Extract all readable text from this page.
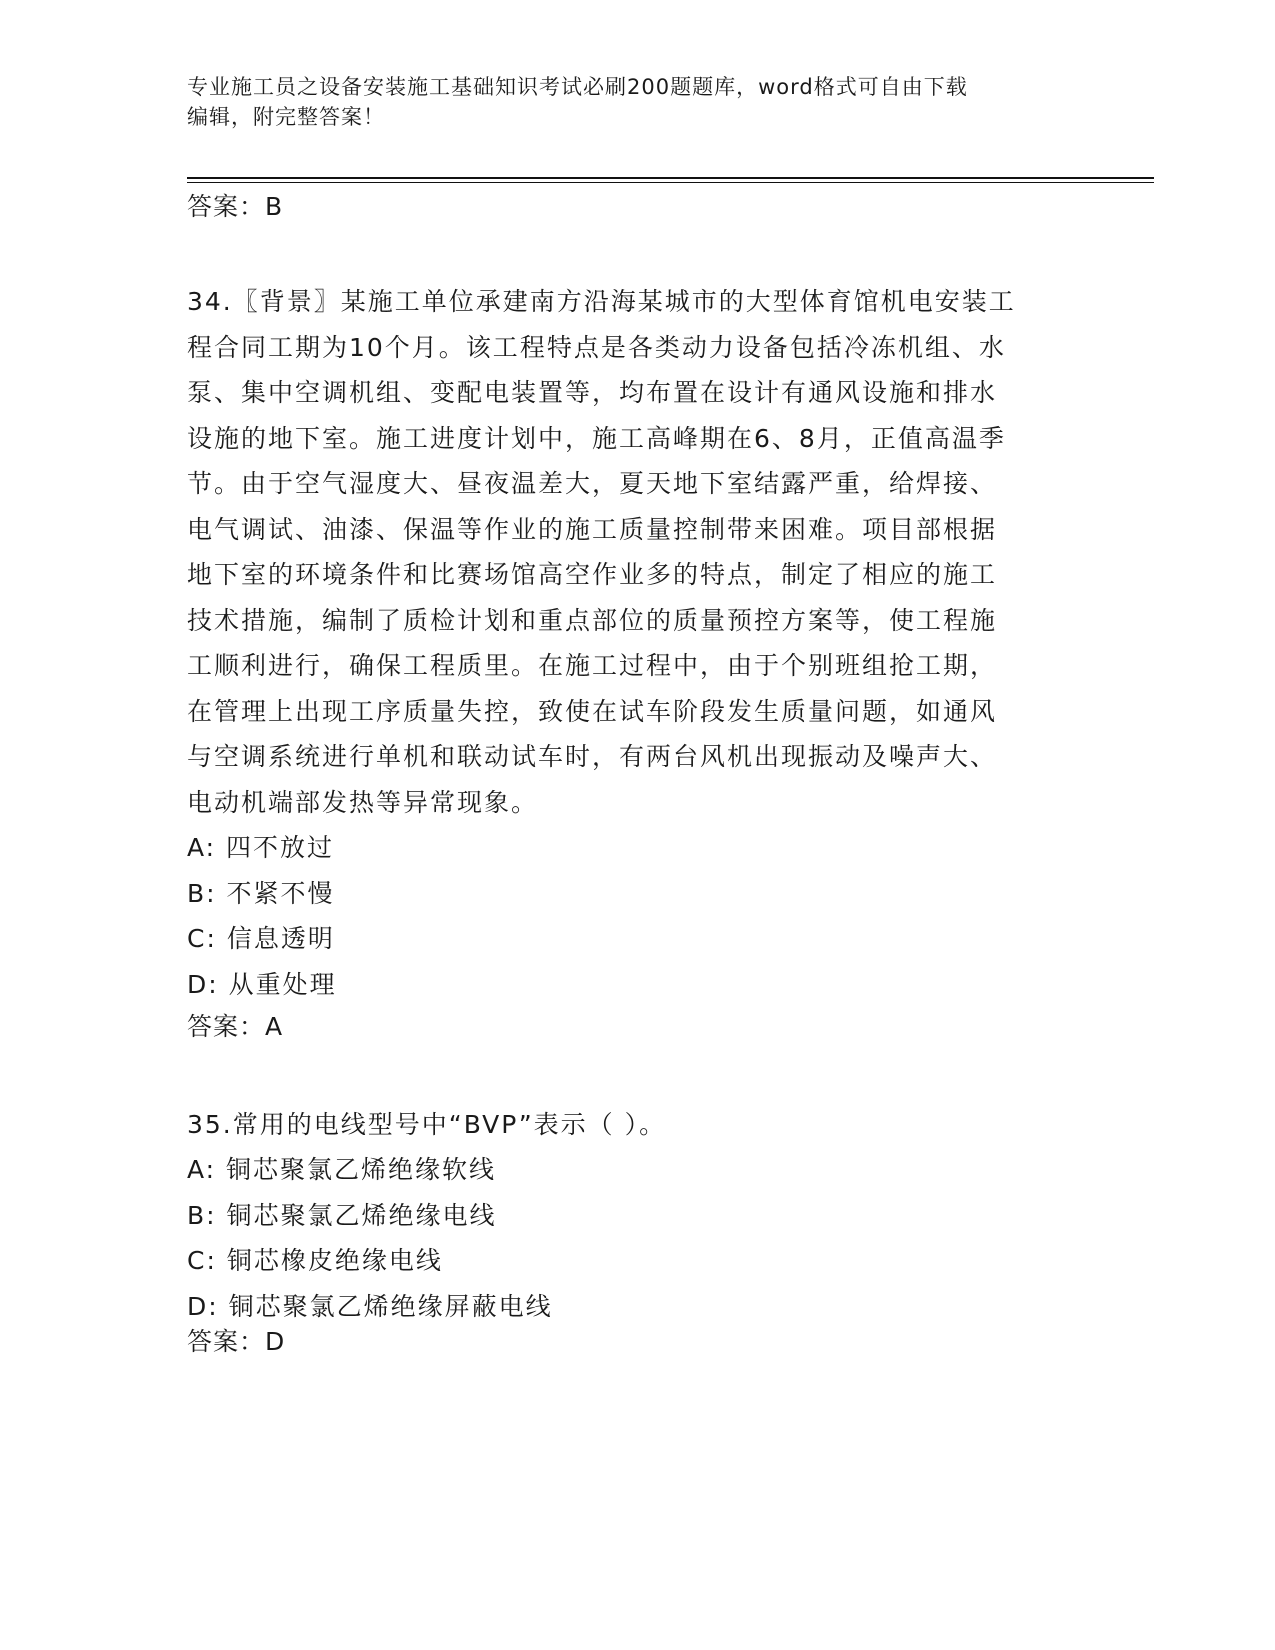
专业施工员之设备安装施工基础知识考试必刷200题题库，word格式可自由下载
编辑，附完整答案！
答案：B
34.〖背景〗某施工单位承建南方沿海某城市的大型体育馆机电安装工
程合同工期为10个月。该工程特点是各类动力设备包括冷冻机组、水
泵、集中空调机组、变配电装置等，均布置在设计有通风设施和排水
设施的地下室。施工进度计划中，施工高峰期在6、8月，正值高温季
节。由于空气湿度大、昼夜温差大，夏天地下室结露严重，给焊接、
电气调试、油漆、保温等作业的施工质量控制带来困难。项目部根据
地下室的环境条件和比赛场馆高空作业多的特点，制定了相应的施工
技术措施，编制了质检计划和重点部位的质量预控方案等，使工程施
工顺利进行，确保工程质里。在施工过程中，由于个别班组抢工期，
在管理上出现工序质量失控，致使在试车阶段发生质量问题，如通风
与空调系统进行单机和联动试车时，有两台风机出现振动及噪声大、
电动机端部发热等异常现象。
A: 四不放过
B: 不紧不慢
C: 信息透明
D: 从重处理
答案：A
35.常用的电线型号中“BVP”表示（ ）。
A: 铜芯聚氯乙烯绝缘软线
B: 铜芯聚氯乙烯绝缘电线
C: 铜芯橡皮绝缘电线
D: 铜芯聚氯乙烯绝缘屏蔽电线
答案：D
